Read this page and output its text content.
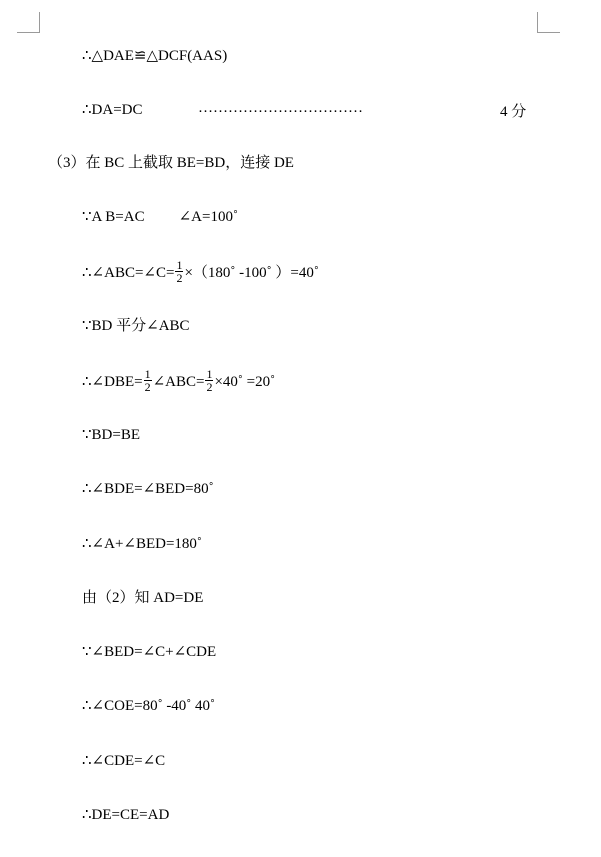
∴△DAE≌△DCF(AAS)
∴DA=DC	……………………………	4 分
（3）在 BC 上截取 BE=BD，连接 DE
∵A B=AC ∠A=100˚
∴∠ABC=∠C= $\frac{1}{2}$ ×（180˚ -100˚ ）=40˚
∵BD 平分∠ABC
∴∠DBE= $\frac{1}{2}$ ∠ABC= $\frac{1}{2}$ ×40˚ =20˚
∵BD=BE
∴∠BDE=∠BED=80˚
∴∠A+∠BED=180˚
由（2）知 AD=DE
∵∠BED=∠C+∠CDE
∴∠COE=80˚ -40˚ 40˚
∴∠CDE=∠C
∴DE=CE=AD
